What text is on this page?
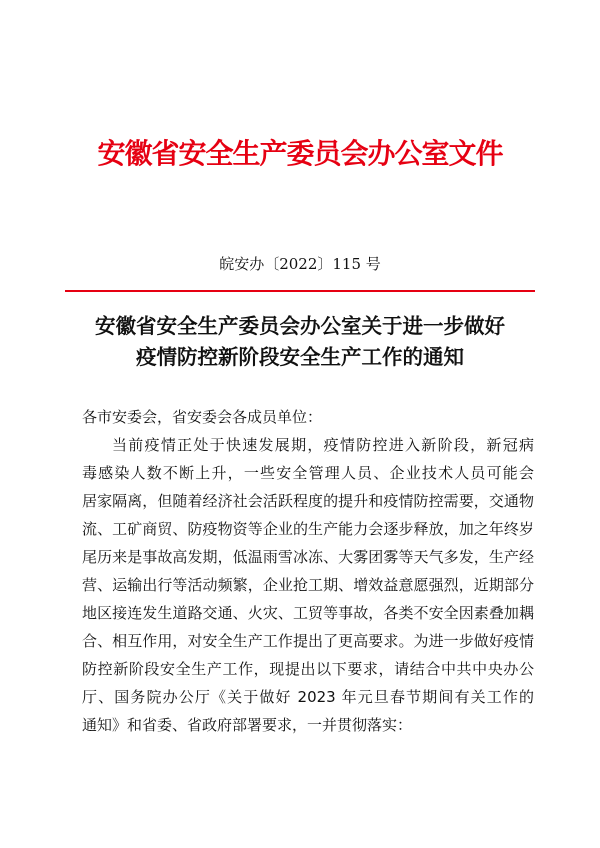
安徽省安全生产委员会办公室文件
皖安办〔2022〕115 号
安徽省安全生产委员会办公室关于进一步做好
疫情防控新阶段安全生产工作的通知
各市安委会，省安委会各成员单位：
当前疫情正处于快速发展期，疫情防控进入新阶段，新冠病
毒感染人数不断上升，一些安全管理人员、企业技术人员可能会
居家隔离，但随着经济社会活跃程度的提升和疫情防控需要，交通物
流、工矿商贸、防疫物资等企业的生产能力会逐步释放，加之年终岁
尾历来是事故高发期，低温雨雪冰冻、大雾团雾等天气多发，生产经
营、运输出行等活动频繁，企业抢工期、增效益意愿强烈，近期部分
地区接连发生道路交通、火灾、工贸等事故，各类不安全因素叠加耦
合、相互作用，对安全生产工作提出了更高要求。为进一步做好疫情
防控新阶段安全生产工作，现提出以下要求，请结合中共中央办公
厅、国务院办公厅《关于做好 2023 年元旦春节期间有关工作的
通知》和省委、省政府部署要求，一并贯彻落实：
